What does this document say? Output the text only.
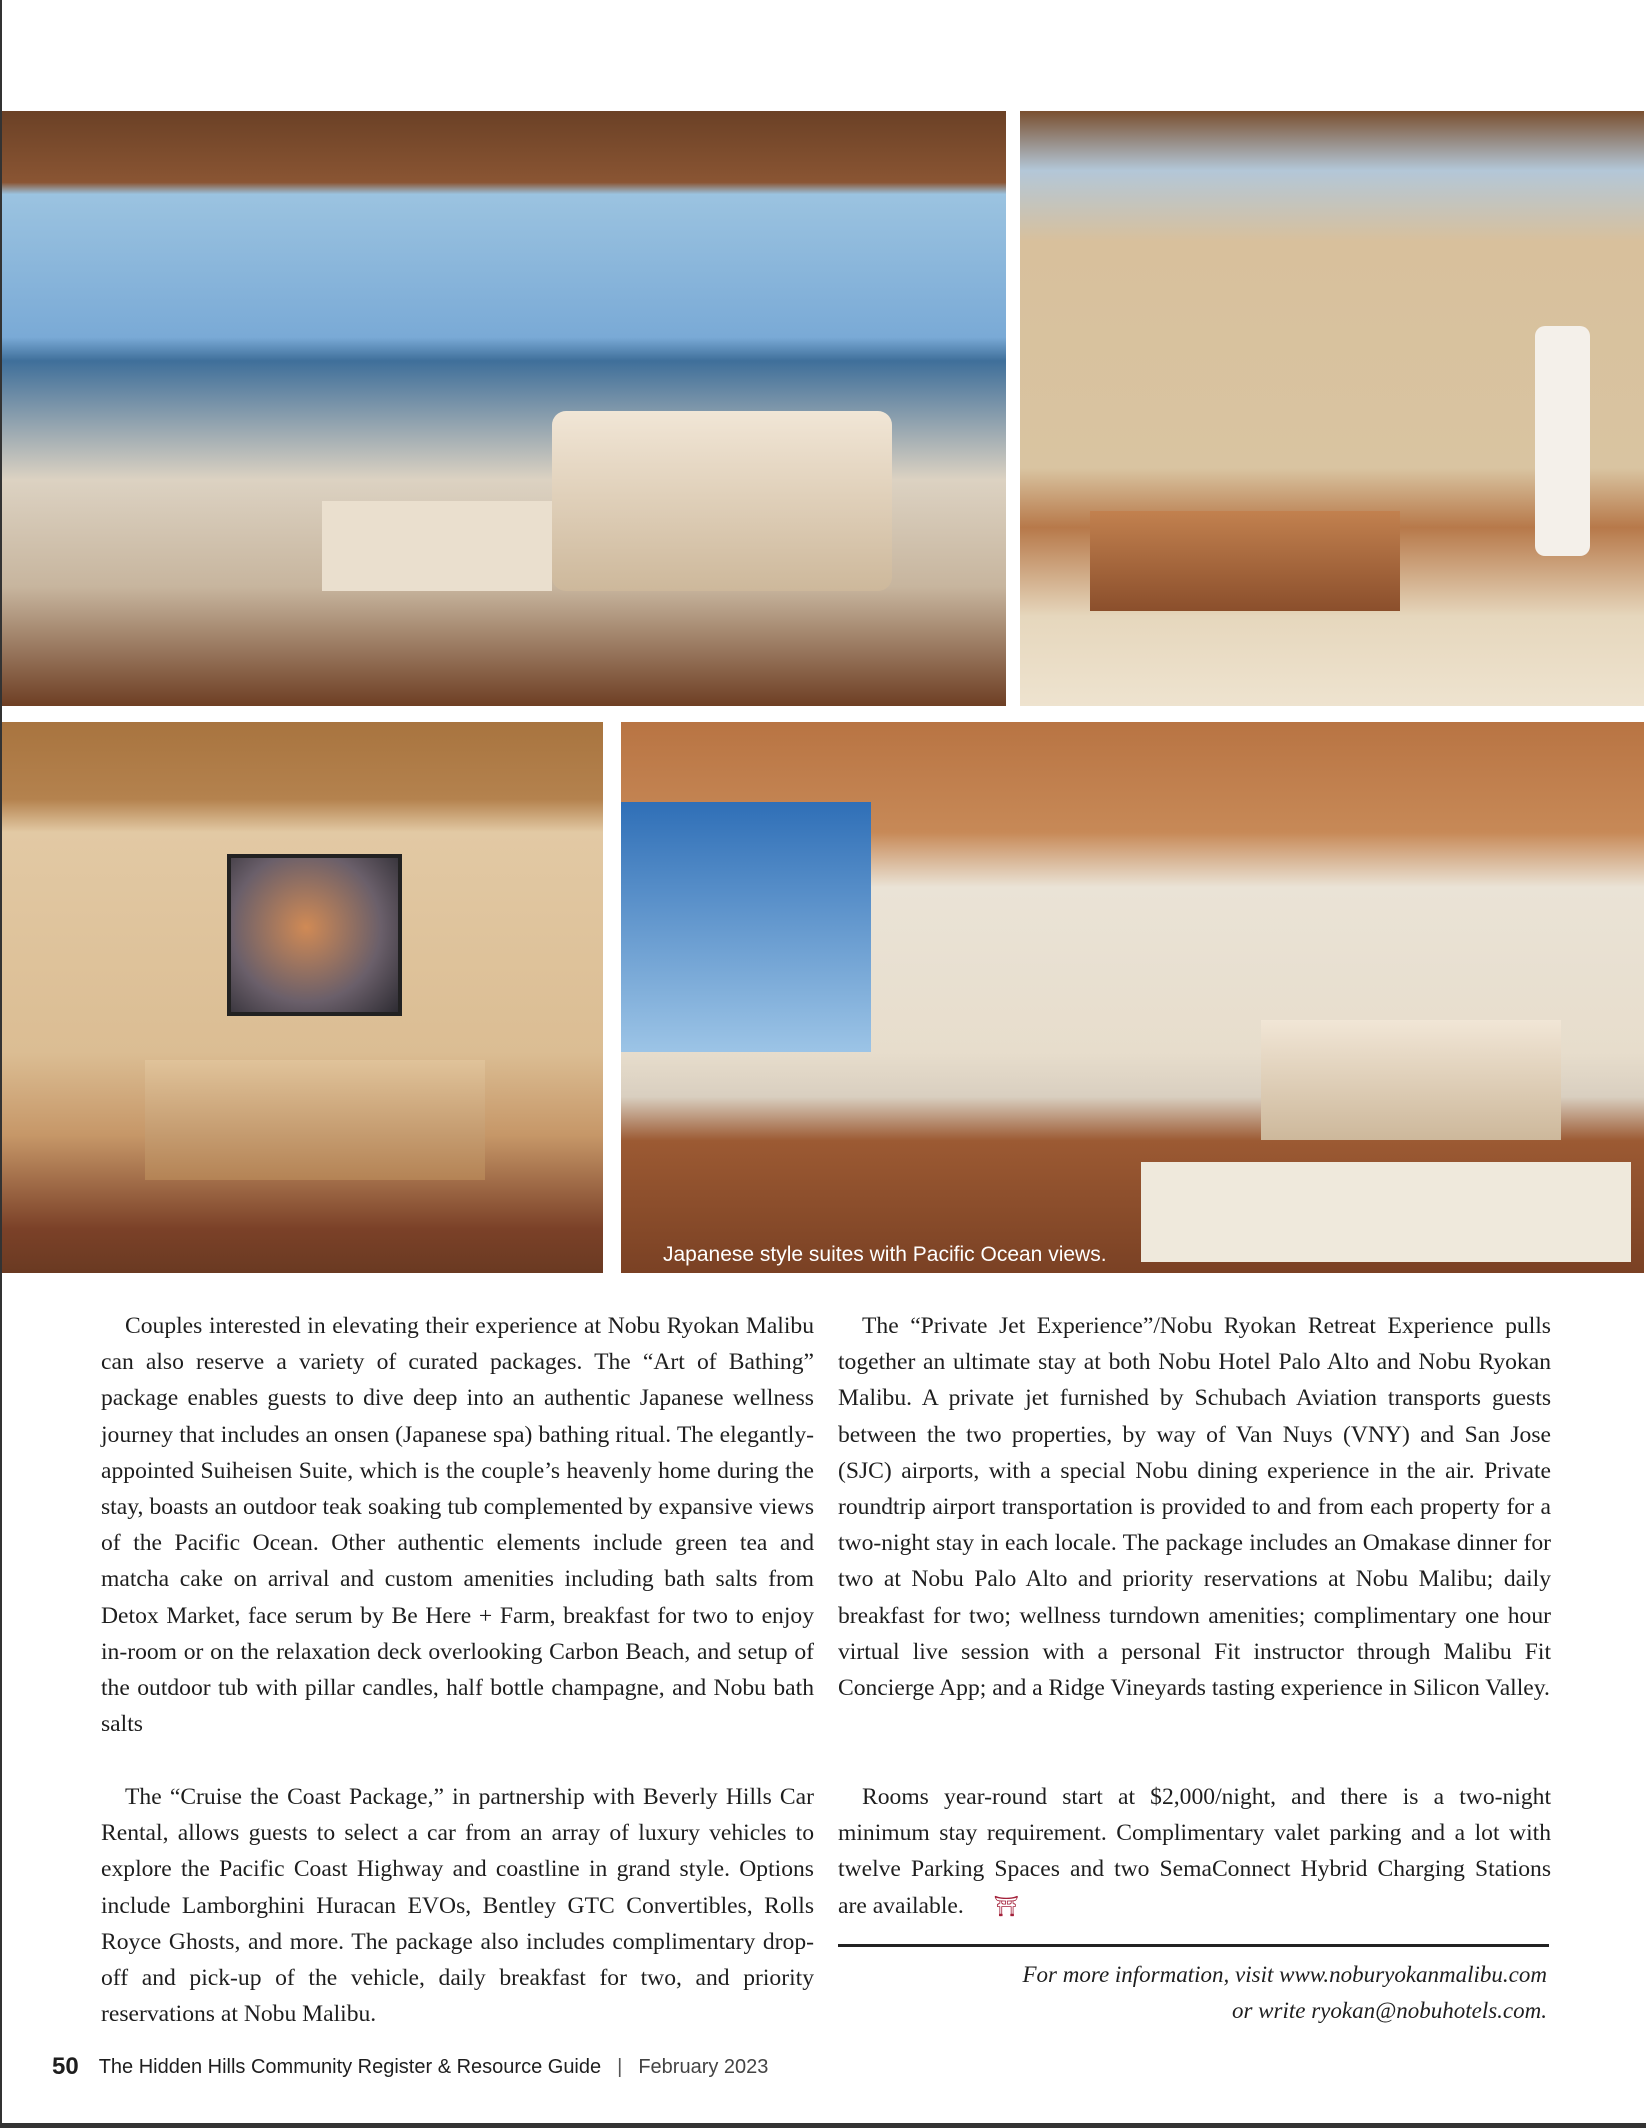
Japanese style suites with Pacific Ocean views.

Couples interested in elevating their experience at Nobu Ryokan Malibu can also reserve a variety of curated packages. The “Art of Bathing” package enables guests to dive deep into an authentic Japanese wellness journey that includes an onsen (Japanese spa) bathing ritual. The elegantly-appointed Suiheisen Suite, which is the couple’s heavenly home during the stay, boasts an outdoor teak soaking tub complemented by expansive views of the Pacific Ocean. Other authentic elements include green tea and matcha cake on arrival and custom amenities including bath salts from Detox Market, face serum by Be Here + Farm, breakfast for two to enjoy in-room or on the relaxation deck overlooking Carbon Beach, and setup of the outdoor tub with pillar candles, half bottle champagne, and Nobu bath salts

The “Private Jet Experience”/Nobu Ryokan Retreat Experience pulls together an ultimate stay at both Nobu Hotel Palo Alto and Nobu Ryokan Malibu. A private jet furnished by Schubach Aviation transports guests between the two properties, by way of Van Nuys (VNY) and San Jose (SJC) airports, with a special Nobu dining experience in the air. Private roundtrip airport transportation is provided to and from each property for a two-night stay in each locale. The package includes an Omakase dinner for two at Nobu Palo Alto and priority reservations at Nobu Malibu; daily breakfast for two; wellness turndown amenities; complimentary one hour virtual live session with a personal Fit instructor through Malibu Fit Concierge App; and a Ridge Vineyards tasting experience in Silicon Valley.

The “Cruise the Coast Package,” in partnership with Beverly Hills Car Rental, allows guests to select a car from an array of luxury vehicles to explore the Pacific Coast Highway and coastline in grand style. Options include Lamborghini Huracan EVOs, Bentley GTC Convertibles, Rolls Royce Ghosts, and more. The package also includes complimentary drop-off and pick-up of the vehicle, daily breakfast for two, and priority reservations at Nobu Malibu.

Rooms year-round start at $2,000/night, and there is a two-night minimum stay requirement. Complimentary valet parking and a lot with twelve Parking Spaces and two SemaConnect Hybrid Charging Stations are available. ⛩

For more information, visit www.noburyokanmalibu.com
or write ryokan@nobuhotels.com.
50 The Hidden Hills Community Register & Resource Guide | February 2023
